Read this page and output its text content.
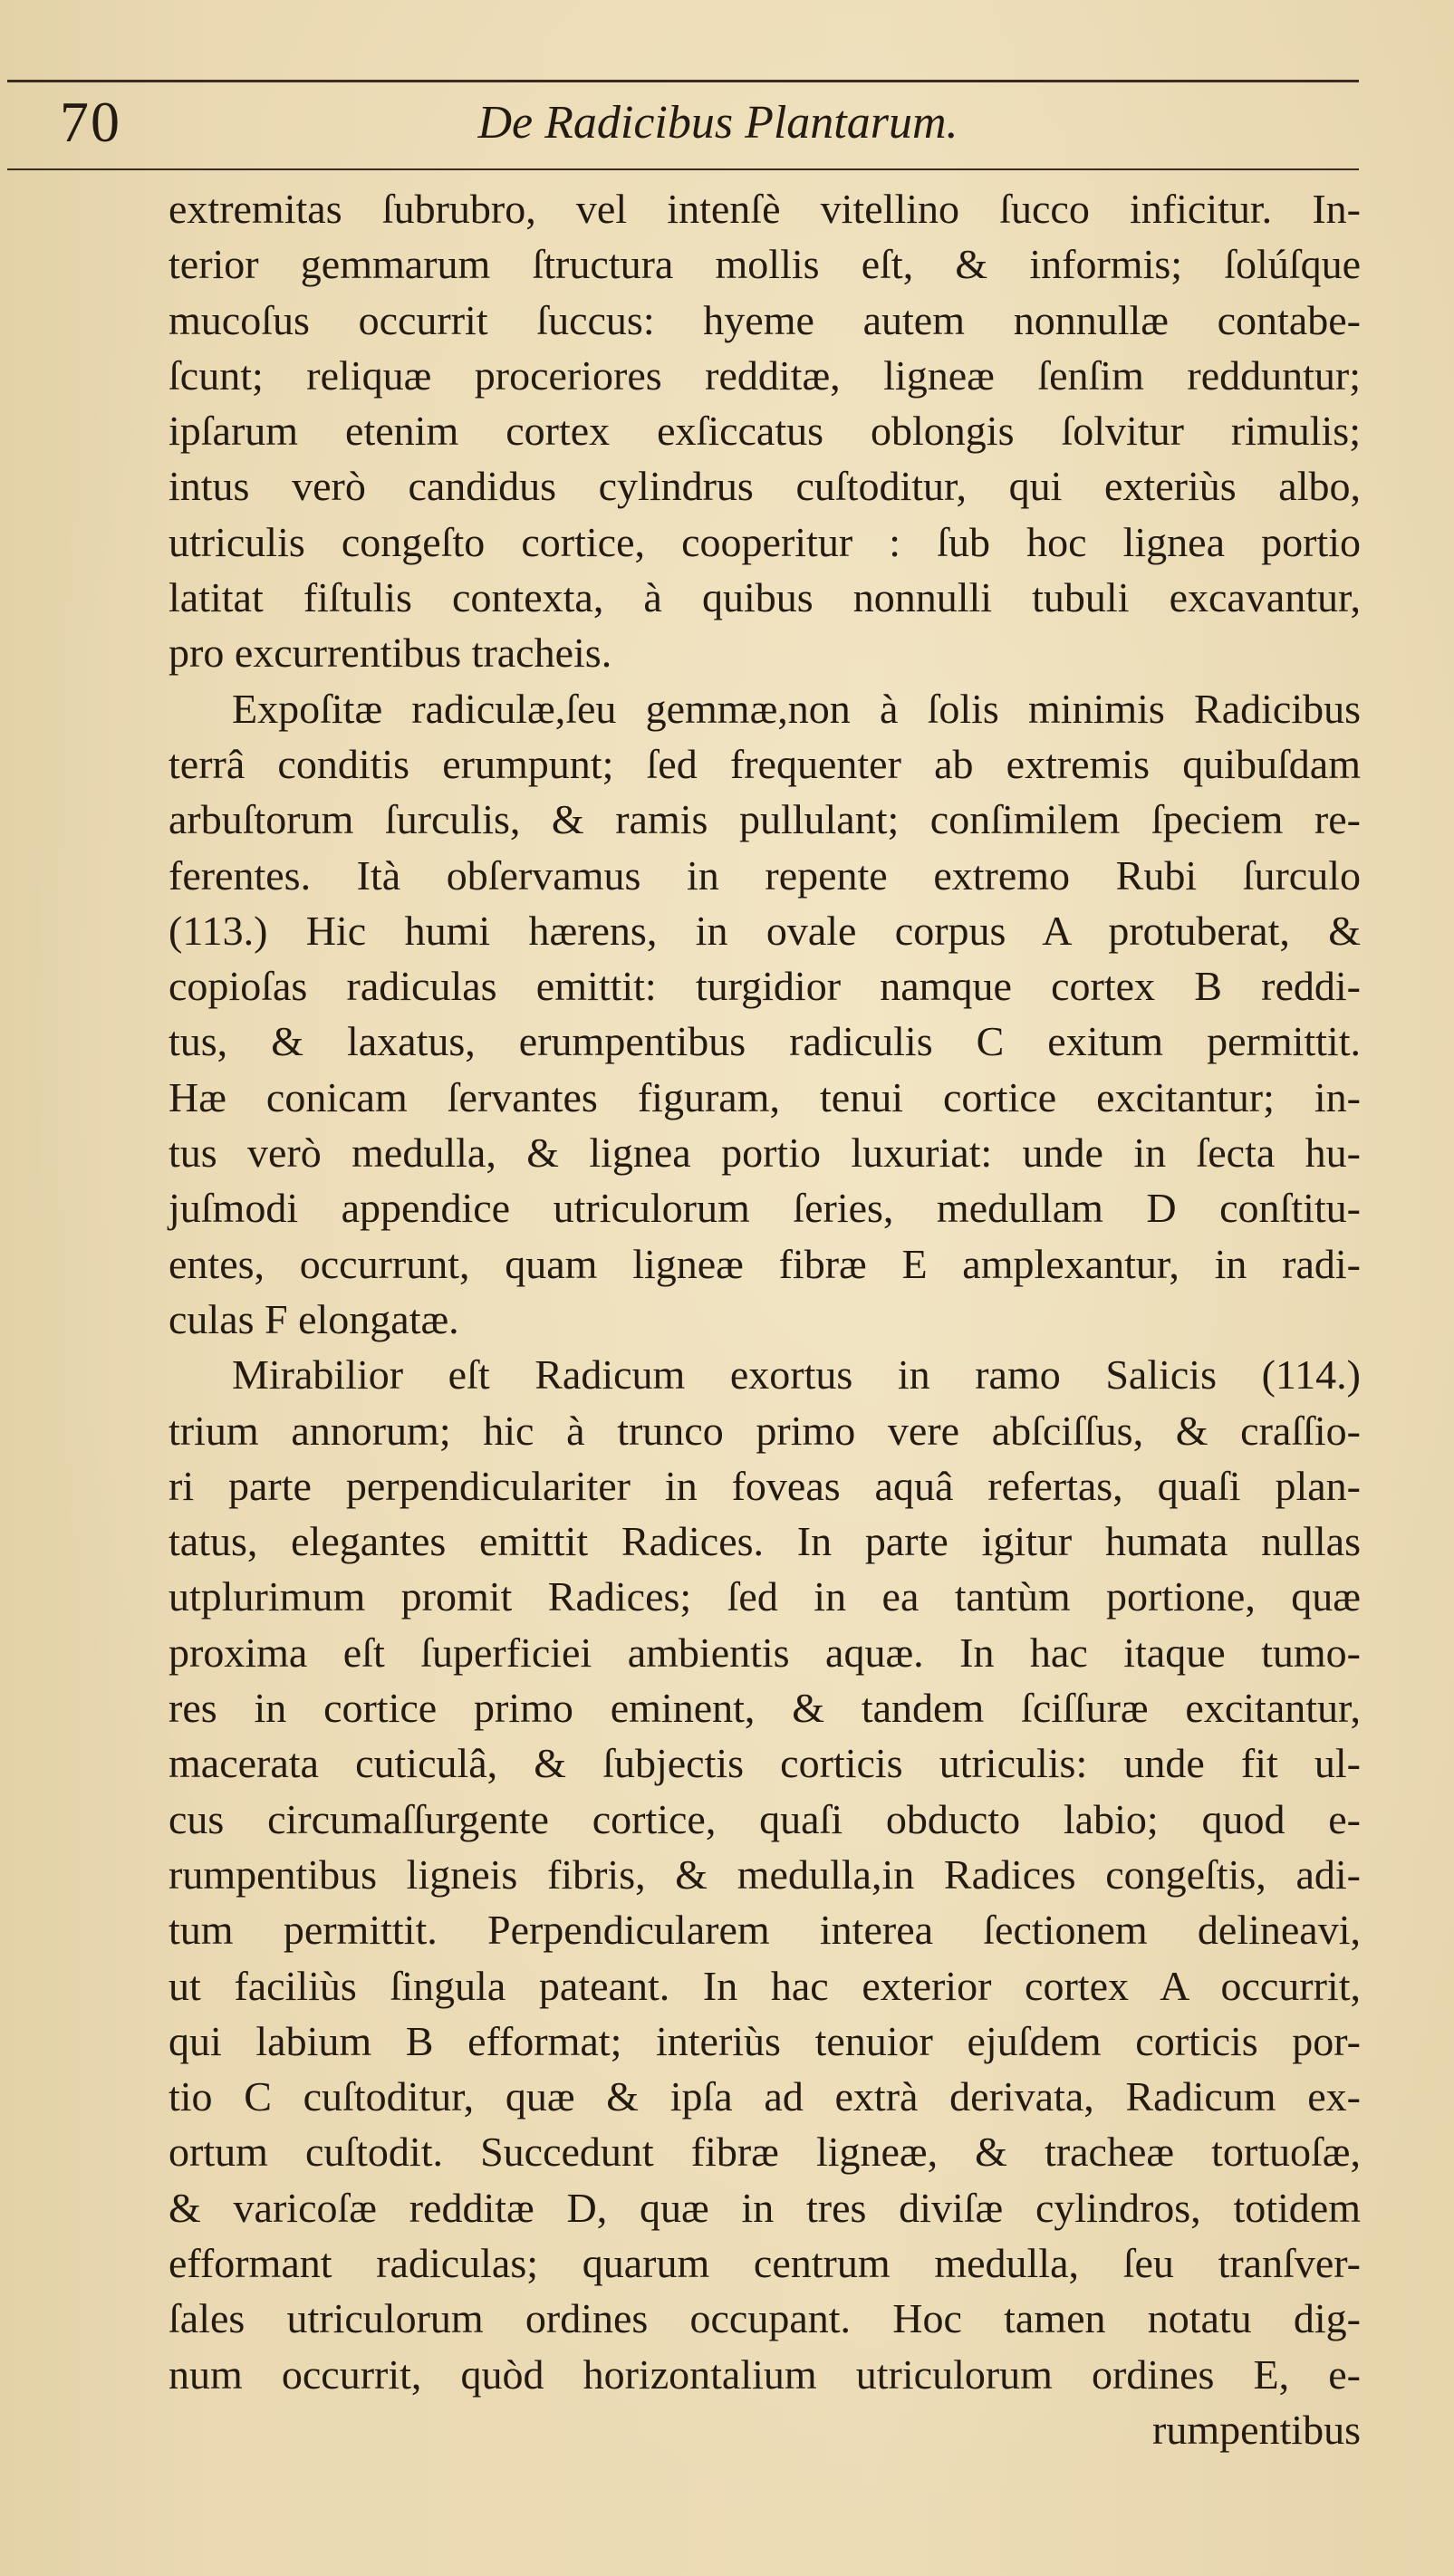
70	De Radicibus Plantarum.
extremitas ſubrubro, vel intenſè vitellino ſucco inficitur. In-
terior gemmarum ſtructura mollis eſt, & informis; ſolúſque
mucoſus occurrit ſuccus: hyeme autem nonnullæ contabe-
ſcunt; reliquæ proceriores redditæ, ligneæ ſenſim redduntur;
ipſarum etenim cortex exſiccatus oblongis ſolvitur rimulis;
intus verò candidus cylindrus cuſtoditur, qui exteriùs albo,
utriculis congeſto cortice, cooperitur : ſub hoc lignea portio
latitat fiſtulis contexta, à quibus nonnulli tubuli excavantur,
pro excurrentibus tracheis.
Expoſitæ radiculæ,ſeu gemmæ,non à ſolis minimis Radicibus
terrâ conditis erumpunt; ſed frequenter ab extremis quibuſdam
arbuſtorum ſurculis, & ramis pullulant; conſimilem ſpeciem re-
ferentes. Ità obſervamus in repente extremo Rubi ſurculo
(113.) Hic humi hærens, in ovale corpus A protuberat, &
copioſas radiculas emittit: turgidior namque cortex B reddi-
tus, & laxatus, erumpentibus radiculis C exitum permittit.
Hæ conicam ſervantes figuram, tenui cortice excitantur; in-
tus verò medulla, & lignea portio luxuriat: unde in ſecta hu-
juſmodi appendice utriculorum ſeries, medullam D conſtitu-
entes, occurrunt, quam ligneæ fibræ E amplexantur, in radi-
culas F elongatæ.
Mirabilior eſt Radicum exortus in ramo Salicis (114.)
trium annorum; hic à trunco primo vere abſciſſus, & craſſio-
ri parte perpendiculariter in foveas aquâ refertas, quaſi plan-
tatus, elegantes emittit Radices. In parte igitur humata nullas
utplurimum promit Radices; ſed in ea tantùm portione, quæ
proxima eſt ſuperficiei ambientis aquæ. In hac itaque tumo-
res in cortice primo eminent, & tandem ſciſſuræ excitantur,
macerata cuticulâ, & ſubjectis corticis utriculis: unde fit ul-
cus circumaſſurgente cortice, quaſi obducto labio; quod e-
rumpentibus ligneis fibris, & medulla,in Radices congeſtis, adi-
tum permittit. Perpendicularem interea ſectionem delineavi,
ut faciliùs ſingula pateant. In hac exterior cortex A occurrit,
qui labium B efformat; interiùs tenuior ejuſdem corticis por-
tio C cuſtoditur, quæ & ipſa ad extrà derivata, Radicum ex-
ortum cuſtodit. Succedunt fibræ ligneæ, & tracheæ tortuoſæ,
& varicoſæ redditæ D, quæ in tres diviſæ cylindros, totidem
efformant radiculas; quarum centrum medulla, ſeu tranſver-
ſales utriculorum ordines occupant. Hoc tamen notatu dig-
num occurrit, quòd horizontalium utriculorum ordines E, e-
rumpentibus
